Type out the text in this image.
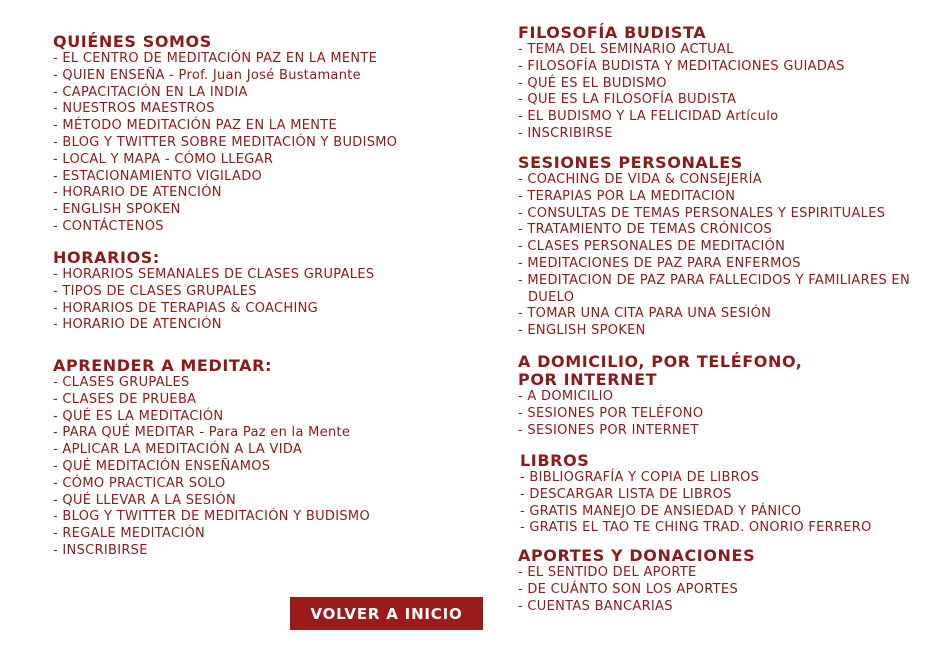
QUIÉNES SOMOS
- EL CENTRO DE MEDITACIÓN PAZ EN LA MENTE
- QUIEN ENSEÑA - Prof. Juan José Bustamante
- CAPACITACIÓN EN LA INDIA
- NUESTROS MAESTROS
- MÉTODO MEDITACIÓN PAZ EN LA MENTE
- BLOG Y TWITTER SOBRE MEDITACIÓN Y BUDISMO
- LOCAL Y MAPA - CÓMO LLEGAR
- ESTACIONAMIENTO VIGILADO
- HORARIO DE ATENCIÓN
- ENGLISH SPOKEN
- CONTÁCTENOS
HORARIOS:
- HORARIOS SEMANALES DE CLASES GRUPALES
- TIPOS DE CLASES GRUPALES
- HORARIOS DE TERAPIAS & COACHING
- HORARIO DE ATENCIÓN
APRENDER A MEDITAR:
- CLASES GRUPALES
- CLASES DE PRUEBA
- QUÉ ES LA MEDITACIÓN
- PARA QUÉ MEDITAR - Para Paz en la Mente
- APLICAR LA MEDITACIÓN A LA VIDA
- QUÉ MEDITACIÓN ENSEÑAMOS
- CÓMO PRACTICAR SOLO
- QUÉ LLEVAR A LA SESIÓN
- BLOG Y TWITTER DE MEDITACIÓN Y BUDISMO
- REGALE MEDITACIÓN
- INSCRIBIRSE
FILOSOFÍA BUDISTA
- TEMA DEL SEMINARIO ACTUAL
- FILOSOFÍA BUDISTA Y MEDITACIONES GUIADAS
- QUÉ ES EL BUDISMO
- QUE ES LA FILOSOFÍA BUDISTA
- EL BUDISMO Y LA FELICIDAD Artículo
- INSCRIBIRSE
SESIONES PERSONALES
- COACHING DE VIDA & CONSEJERÍA
- TERAPIAS POR LA MEDITACION
- CONSULTAS DE TEMAS PERSONALES Y ESPIRITUALES
- TRATAMIENTO DE TEMAS CRÓNICOS
- CLASES PERSONALES DE MEDITACIÓN
- MEDITACIONES DE PAZ PARA ENFERMOS
- MEDITACION DE PAZ PARA FALLECIDOS Y FAMILIARES EN DUELO
- TOMAR UNA CITA PARA UNA SESIÓN
- ENGLISH SPOKEN
A DOMICILIO, POR TELÉFONO,
POR INTERNET
- A DOMICILIO
- SESIONES POR TELÉFONO
- SESIONES POR INTERNET
LIBROS
- BIBLIOGRAFÍA Y COPIA DE LIBROS
- DESCARGAR LISTA DE LIBROS
- GRATIS MANEJO DE ANSIEDAD Y PÁNICO
- GRATIS EL TAO TE CHING TRAD. ONORIO FERRERO
APORTES Y DONACIONES
- EL SENTIDO DEL APORTE
- DE CUÁNTO SON LOS APORTES
- CUENTAS BANCARIAS
VOLVER A INICIO
